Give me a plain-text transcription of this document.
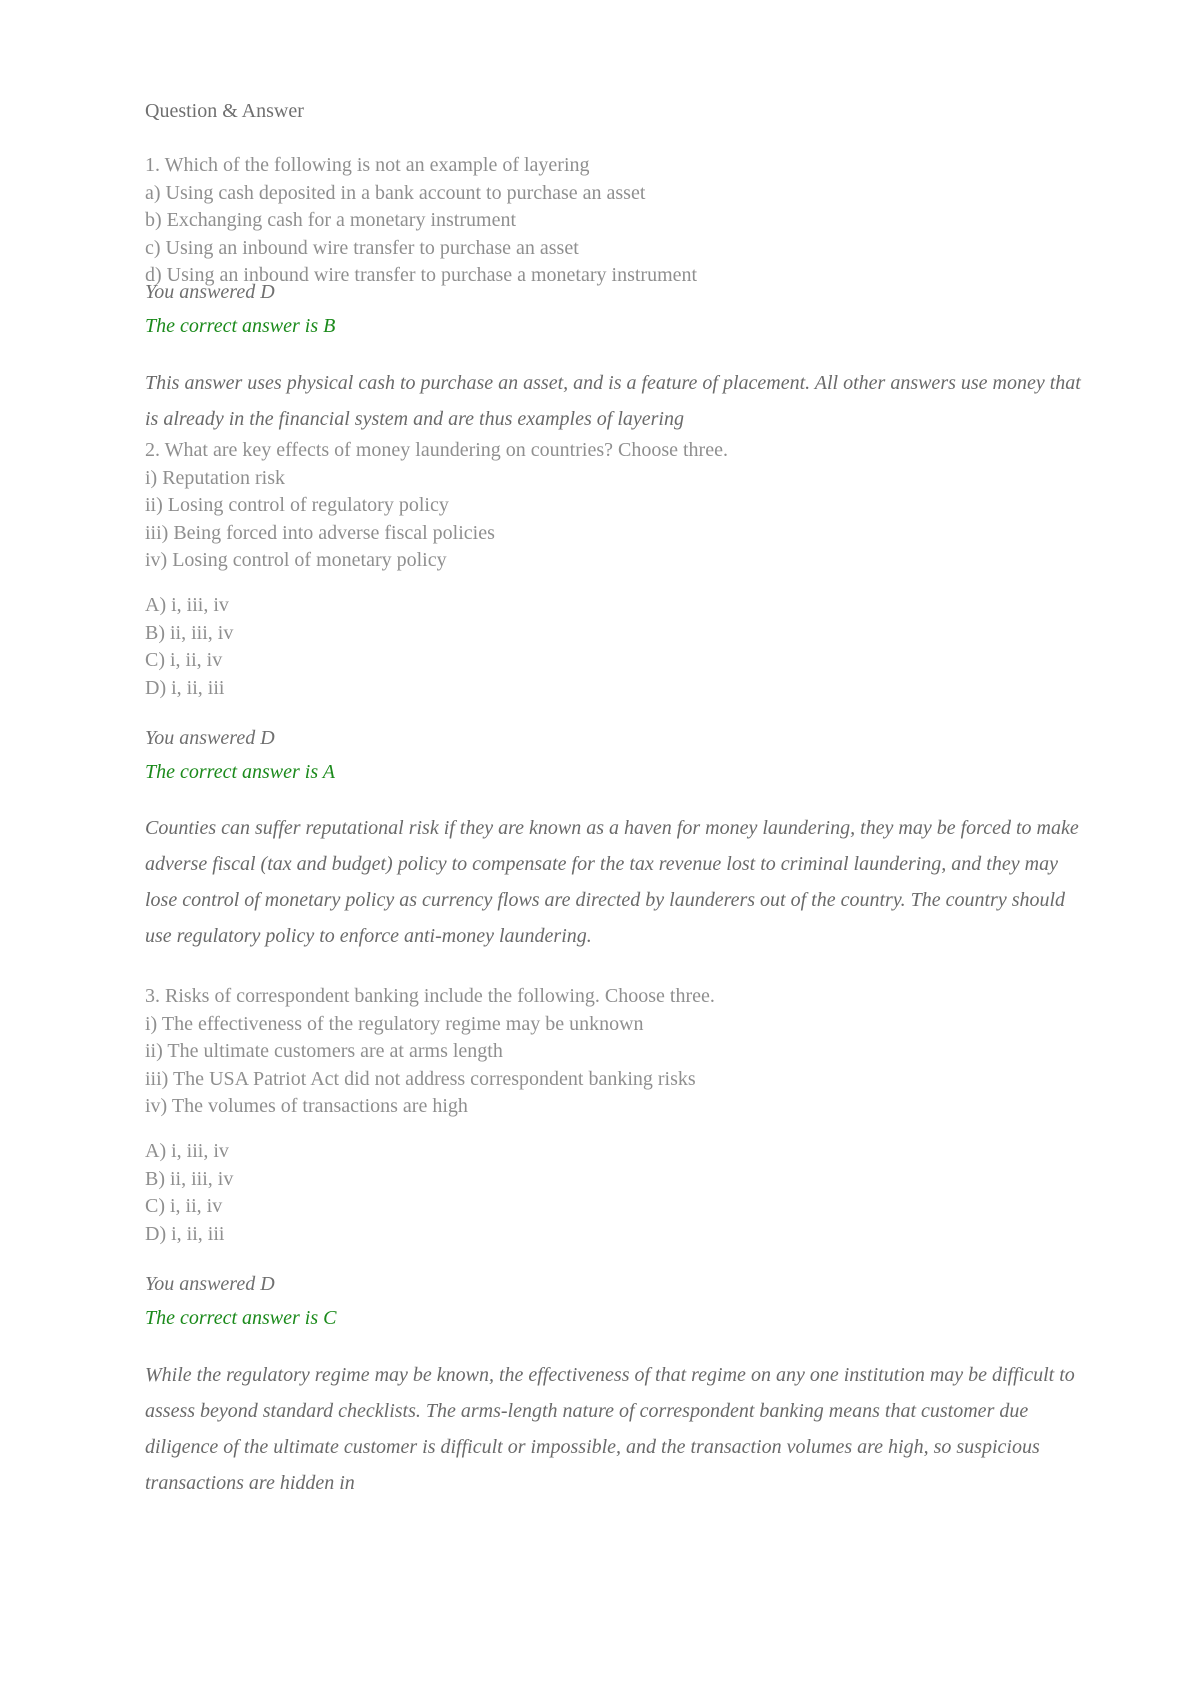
Question & Answer

1. Which of the following is not an example of layering

a) Using cash deposited in a bank account to purchase an asset

b) Exchanging cash for a monetary instrument

c) Using an inbound wire transfer to purchase an asset

d) Using an inbound wire transfer to purchase a monetary instrument

You answered D

The correct answer is B

This answer uses physical cash to purchase an asset, and is a feature of placement. All other answers use money that is already in the financial system and are thus examples of layering

2. What are key effects of money laundering on countries? Choose three.

i) Reputation risk

ii) Losing control of regulatory policy

iii) Being forced into adverse fiscal policies

iv) Losing control of monetary policy

A) i, iii, iv

B) ii, iii, iv

C) i, ii, iv

D) i, ii, iii

You answered D

The correct answer is A

Counties can suffer reputational risk if they are known as a haven for money laundering, they may be forced to make adverse fiscal (tax and budget) policy to compensate for the tax revenue lost to criminal laundering, and they may lose control of monetary policy as currency flows are directed by launderers out of the country. The country should use regulatory policy to enforce anti-money laundering.

3. Risks of correspondent banking include the following. Choose three.

i) The effectiveness of the regulatory regime may be unknown

ii) The ultimate customers are at arms length

iii) The USA Patriot Act did not address correspondent banking risks

iv) The volumes of transactions are high

A) i, iii, iv

B) ii, iii, iv

C) i, ii, iv

D) i, ii, iii

You answered D

The correct answer is C

While the regulatory regime may be known, the effectiveness of that regime on any one institution may be difficult to assess beyond standard checklists. The arms-length nature of correspondent banking means that customer due diligence of the ultimate customer is difficult or impossible, and the transaction volumes are high, so suspicious transactions are hidden in
